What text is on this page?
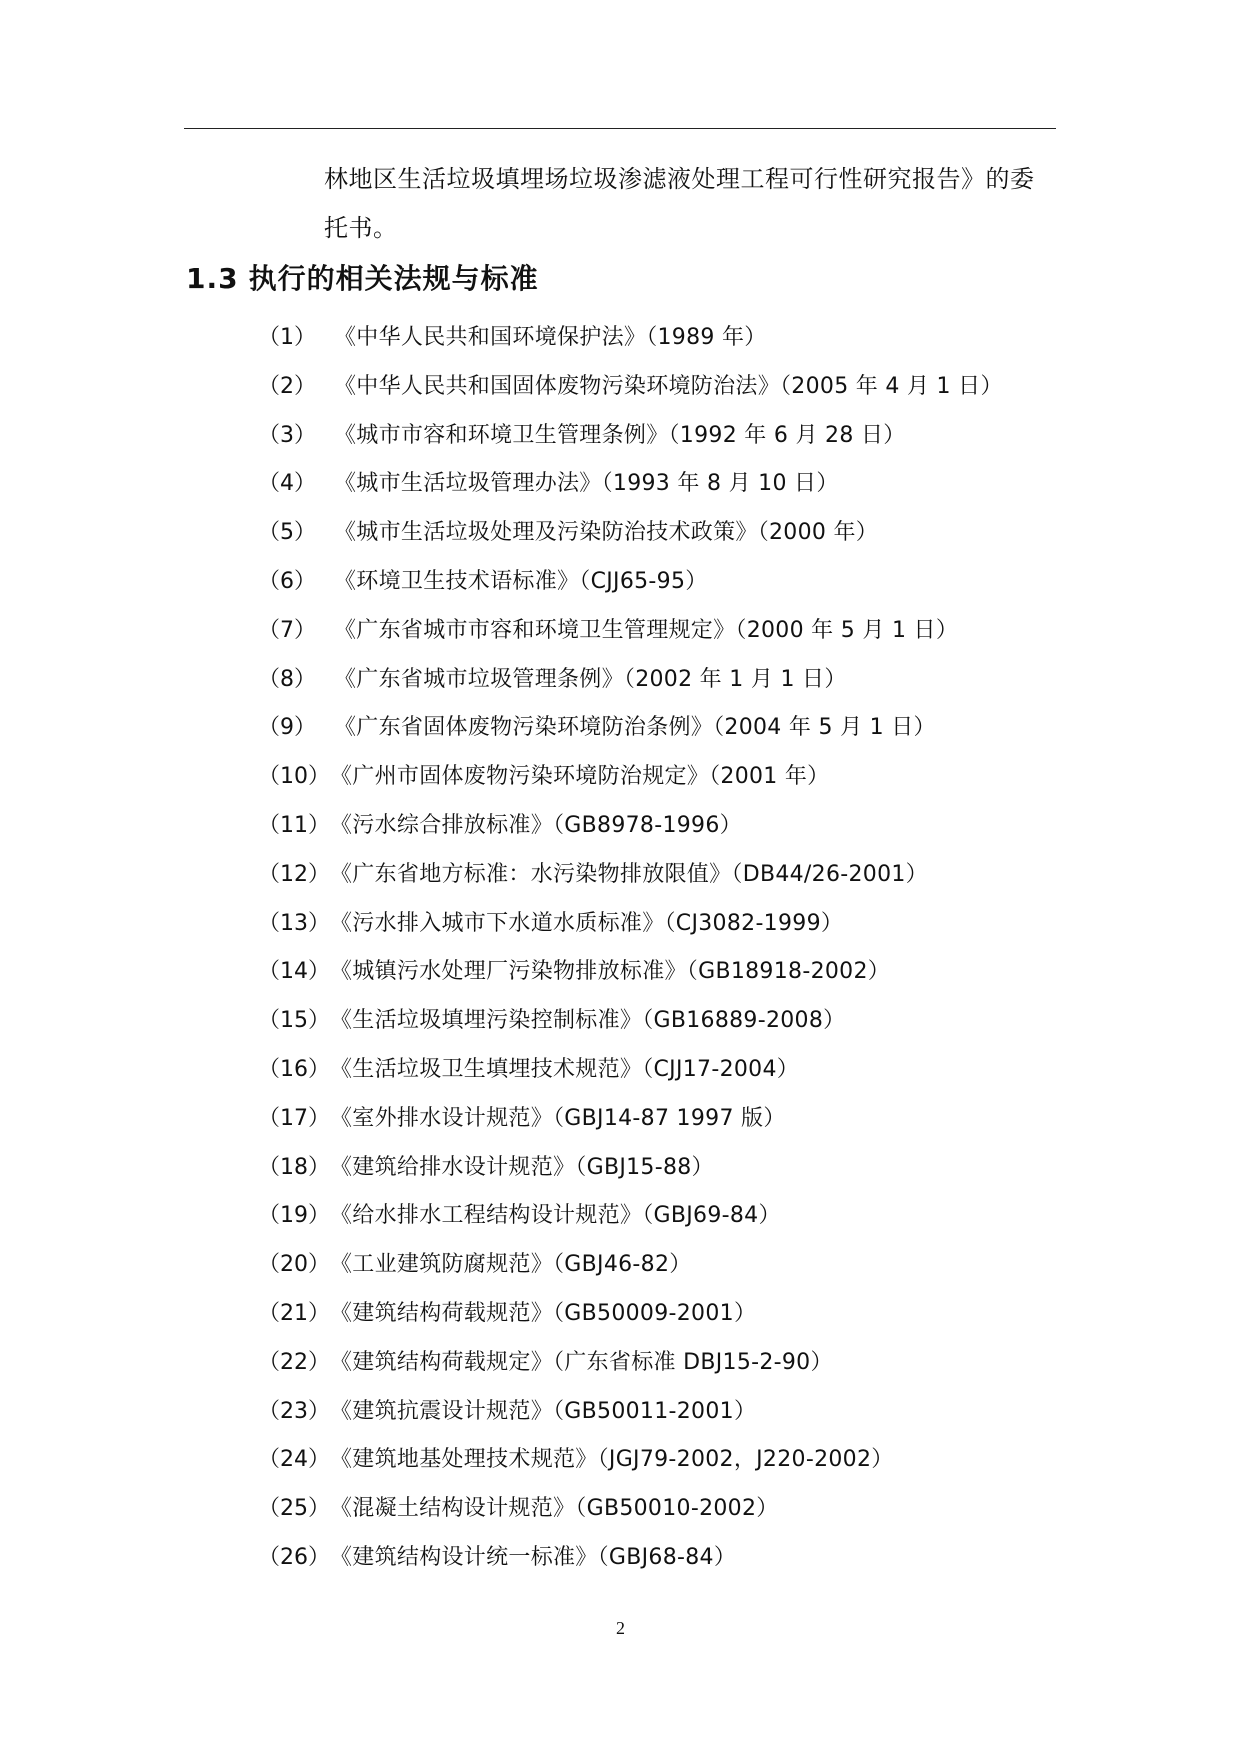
林地区生活垃圾填埋场垃圾渗滤液处理工程可行性研究报告》的委
托书。
1.3 执行的相关法规与标准
（1） 《中华人民共和国环境保护法》（1989 年）
（2） 《中华人民共和国固体废物污染环境防治法》（2005 年 4 月 1 日）
（3） 《城市市容和环境卫生管理条例》（1992 年 6 月 28 日）
（4） 《城市生活垃圾管理办法》（1993 年 8 月 10 日）
（5） 《城市生活垃圾处理及污染防治技术政策》（2000 年）
（6） 《环境卫生技术语标准》（CJJ65-95）
（7） 《广东省城市市容和环境卫生管理规定》（2000 年 5 月 1 日）
（8） 《广东省城市垃圾管理条例》（2002 年 1 月 1 日）
（9） 《广东省固体废物污染环境防治条例》（2004 年 5 月 1 日）
（10） 《广州市固体废物污染环境防治规定》（2001 年）
（11） 《污水综合排放标准》（GB8978-1996）
（12） 《广东省地方标准：水污染物排放限值》（DB44/26-2001）
（13） 《污水排入城市下水道水质标准》（CJ3082-1999）
（14） 《城镇污水处理厂污染物排放标准》（GB18918-2002）
（15） 《生活垃圾填埋污染控制标准》（GB16889-2008）
（16） 《生活垃圾卫生填埋技术规范》（CJJ17-2004）
（17） 《室外排水设计规范》（GBJ14-87 1997 版）
（18） 《建筑给排水设计规范》（GBJ15-88）
（19） 《给水排水工程结构设计规范》（GBJ69-84）
（20） 《工业建筑防腐规范》（GBJ46-82）
（21） 《建筑结构荷载规范》（GB50009-2001）
（22） 《建筑结构荷载规定》（广东省标准 DBJ15-2-90）
（23） 《建筑抗震设计规范》（GB50011-2001）
（24） 《建筑地基处理技术规范》（JGJ79-2002，J220-2002）
（25） 《混凝土结构设计规范》（GB50010-2002）
（26） 《建筑结构设计统一标准》（GBJ68-84）
2
